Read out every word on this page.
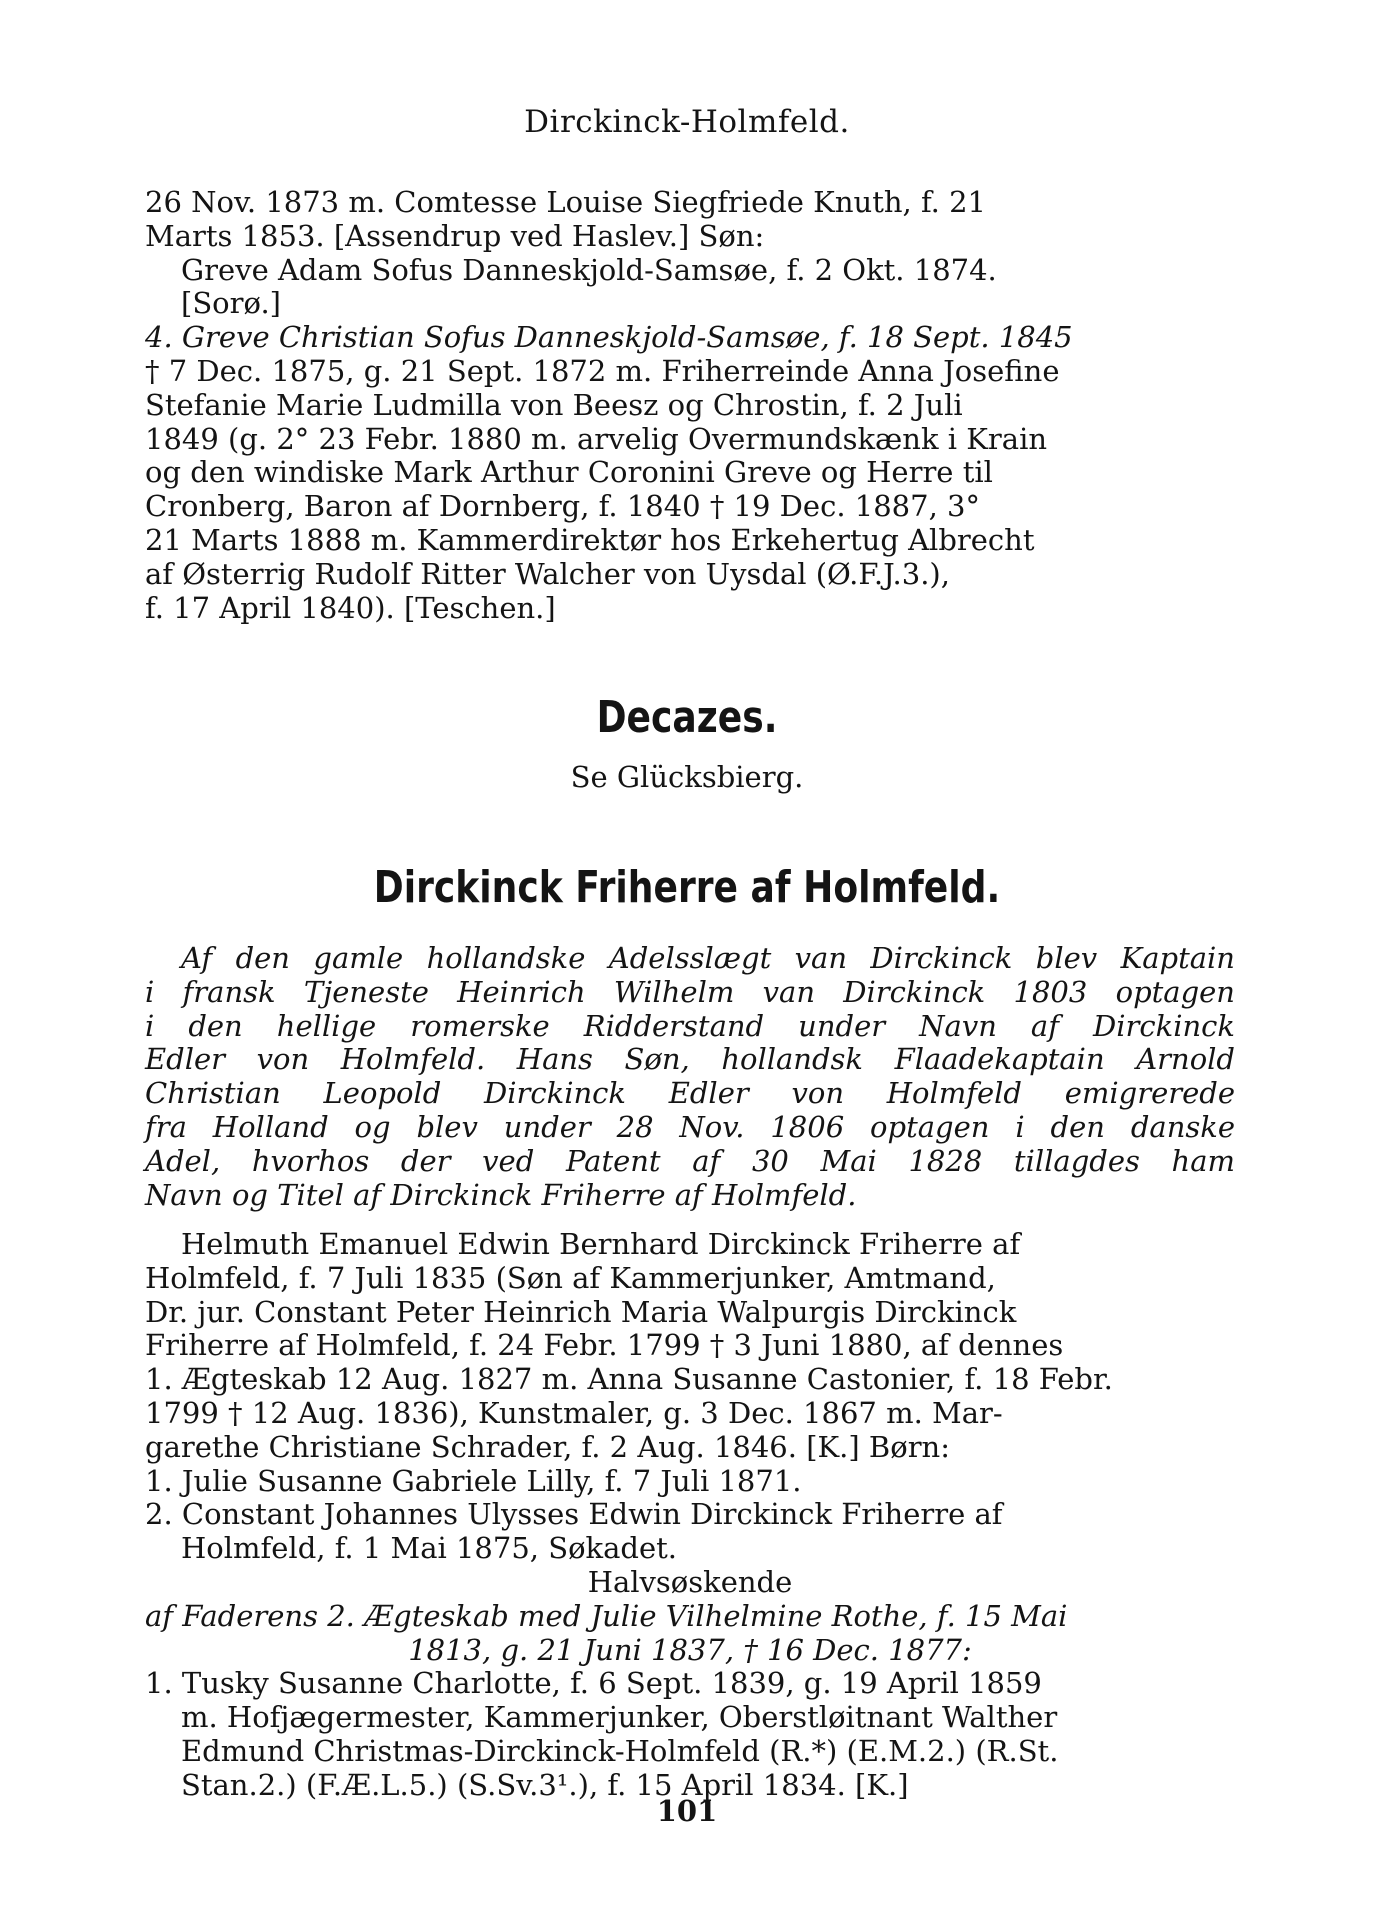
Dirckinck-Holmfeld.

26 Nov. 1873 m. Comtesse Louise Siegfriede Knuth, f. 21

Marts 1853. [Assendrup ved Haslev.] Søn:

Greve Adam Sofus Danneskjold-Samsøe, f. 2 Okt. 1874.

[Sorø.]

4. Greve Christian Sofus Danneskjold-Samsøe, f. 18 Sept. 1845

† 7 Dec. 1875, g. 21 Sept. 1872 m. Friherreinde Anna Josefine

Stefanie Marie Ludmilla von Beesz og Chrostin, f. 2 Juli

1849 (g. 2° 23 Febr. 1880 m. arvelig Overmundskænk i Krain

og den windiske Mark Arthur Coronini Greve og Herre til

Cronberg, Baron af Dornberg, f. 1840 † 19 Dec. 1887, 3°

21 Marts 1888 m. Kammerdirektør hos Erkehertug Albrecht

af Østerrig Rudolf Ritter Walcher von Uysdal (Ø.F.J.3.),

f. 17 April 1840). [Teschen.]

Decazes.
Se Glücksbierg.
Dirckinck Friherre af Holmfeld.

Af den gamle hollandske Adelsslægt van Dirckinck blev Kaptain

i fransk Tjeneste Heinrich Wilhelm van Dirckinck 1803 optagen

i den hellige romerske Ridderstand under Navn af Dirckinck

Edler von Holmfeld. Hans Søn, hollandsk Flaadekaptain Arnold

Christian Leopold Dirckinck Edler von Holmfeld emigrerede

fra Holland og blev under 28 Nov. 1806 optagen i den danske

Adel, hvorhos der ved Patent af 30 Mai 1828 tillagdes ham

Navn og Titel af Dirckinck Friherre af Holmfeld.

Helmuth Emanuel Edwin Bernhard Dirckinck Friherre af

Holmfeld, f. 7 Juli 1835 (Søn af Kammerjunker, Amtmand,

Dr. jur. Constant Peter Heinrich Maria Walpurgis Dirckinck

Friherre af Holmfeld, f. 24 Febr. 1799 † 3 Juni 1880, af dennes

1. Ægteskab 12 Aug. 1827 m. Anna Susanne Castonier, f. 18 Febr.

1799 † 12 Aug. 1836), Kunstmaler, g. 3 Dec. 1867 m. Mar-

garethe Christiane Schrader, f. 2 Aug. 1846. [K.] Børn:

1. Julie Susanne Gabriele Lilly, f. 7 Juli 1871.

2. Constant Johannes Ulysses Edwin Dirckinck Friherre af

Holmfeld, f. 1 Mai 1875, Søkadet.

Halvsøskende

af Faderens 2. Ægteskab med Julie Vilhelmine Rothe, f. 15 Mai

1813, g. 21 Juni 1837, † 16 Dec. 1877:

1. Tusky Susanne Charlotte, f. 6 Sept. 1839, g. 19 April 1859

m. Hofjægermester, Kammerjunker, Oberstløitnant Walther

Edmund Christmas-Dirckinck-Holmfeld (R.*) (E.M.2.) (R.St.

Stan.2.) (F.Æ.L.5.) (S.Sv.3¹.), f. 15 April 1834. [K.]

101
